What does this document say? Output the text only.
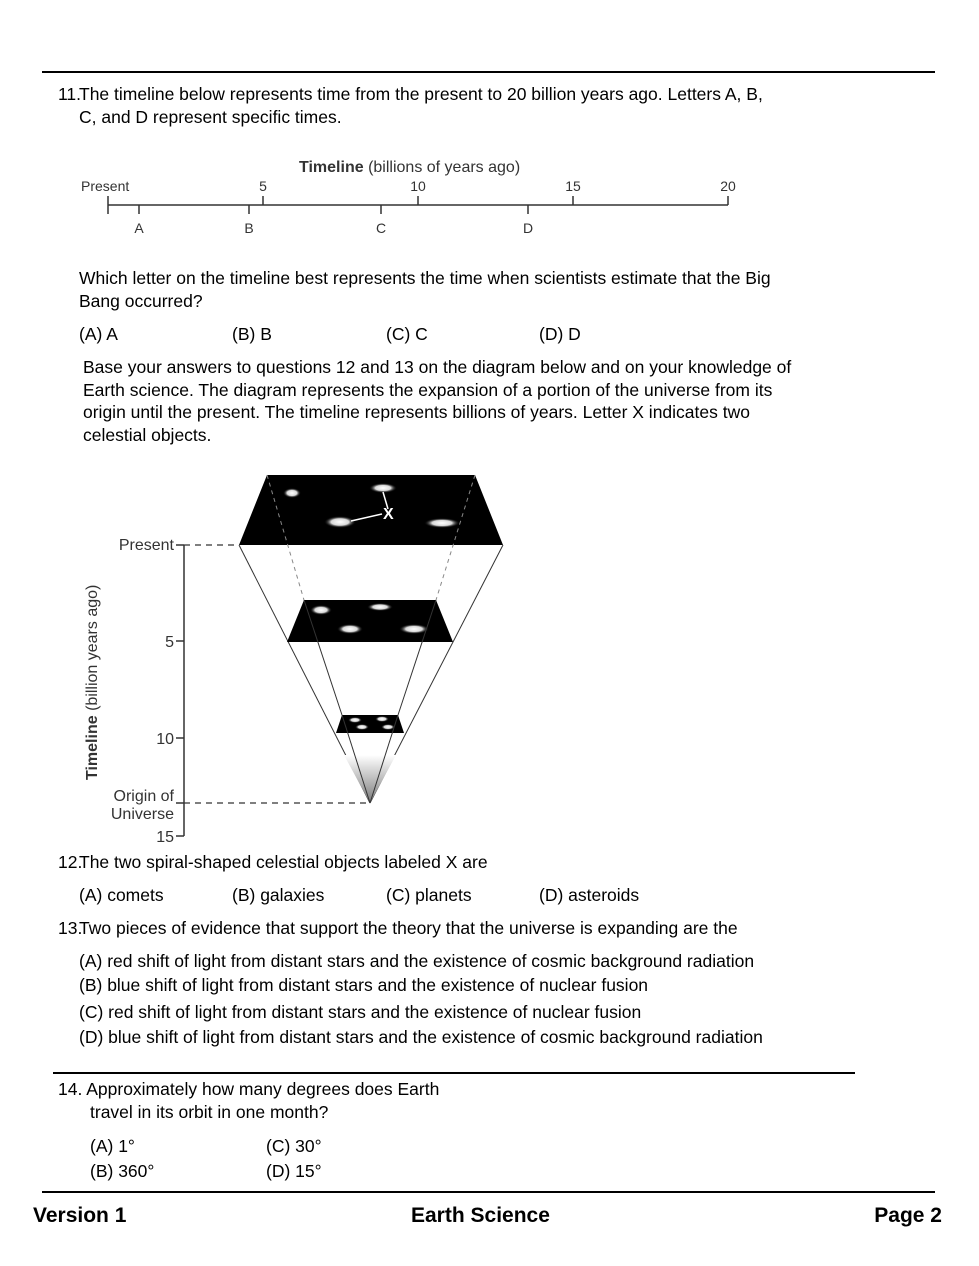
11.
The timeline below represents time from the present to 20 billion years ago. Letters A, B,
C, and D represent specific times.
Timeline (billions of years ago)
Present	5	10	15	20
A	B	C	D
Which letter on the timeline best represents the time when scientists estimate that the Big
Bang occurred?
(A) A	(B) B	(C) C	(D) D
Base your answers to questions 12 and 13 on the diagram below and on your knowledge of
Earth science. The diagram represents the expansion of a portion of the universe from its
origin until the present. The timeline represents billions of years. Letter X indicates two
celestial objects.
Timeline (billion years ago)
Present
5
10
Origin of
Universe
15
X
12.
The two spiral-shaped celestial objects labeled X are
(A) comets	(B) galaxies	(C) planets	(D) asteroids
13.
Two pieces of evidence that support the theory that the universe is expanding are the
(A) red shift of light from distant stars and the existence of cosmic background radiation
(B) blue shift of light from distant stars and the existence of nuclear fusion
(C) red shift of light from distant stars and the existence of nuclear fusion
(D) blue shift of light from distant stars and the existence of cosmic background radiation
14. Approximately how many degrees does Earth
travel in its orbit in one month?
(A) 1°	(C) 30°
(B) 360°	(D) 15°
Version 1	Earth Science	Page 2
